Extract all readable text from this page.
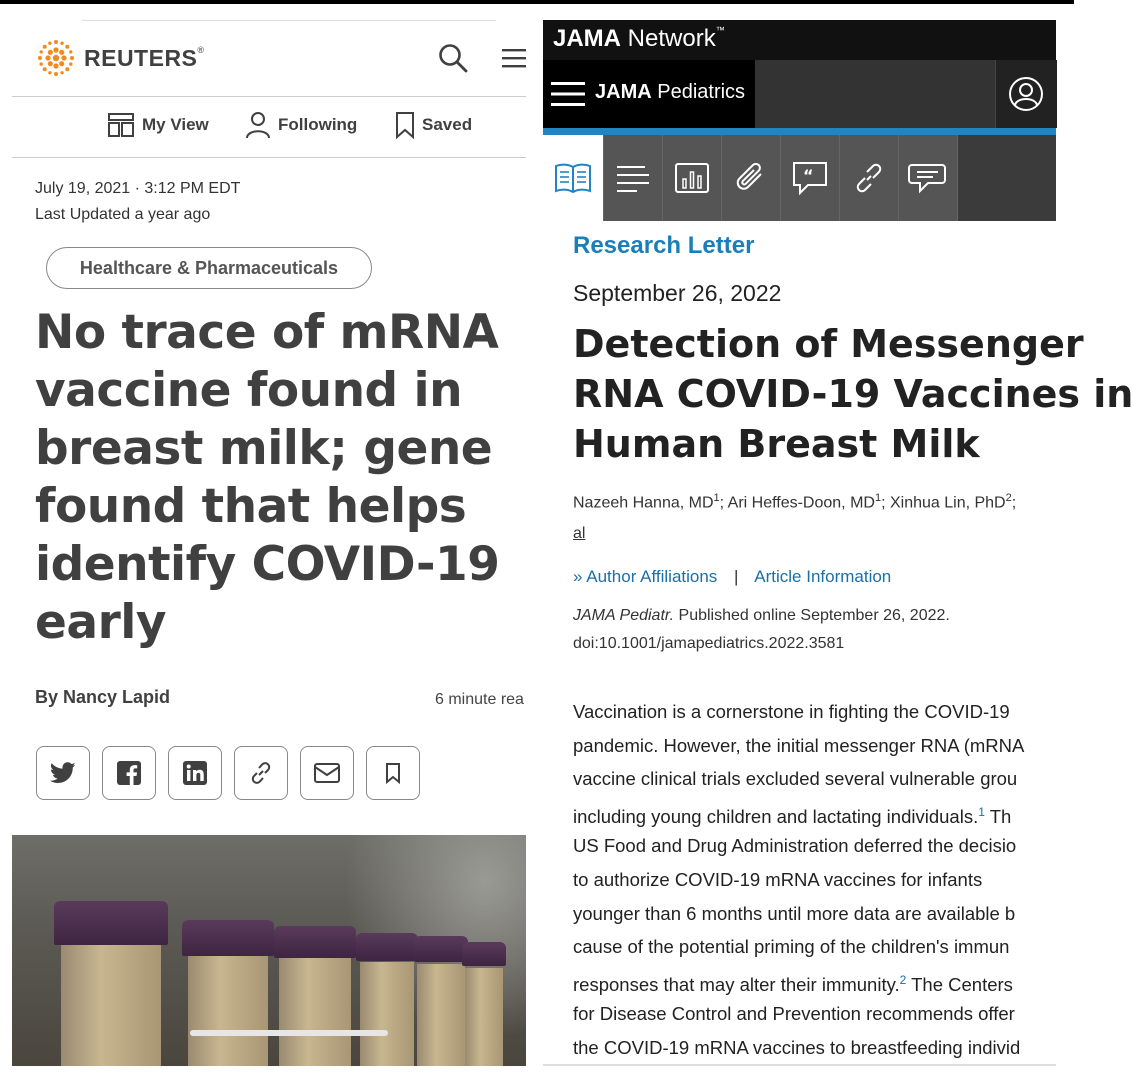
REUTERS®
My View	Following	Saved
July 19, 2021 · 3:12 PM EDT
Last Updated a year ago
Healthcare & Pharmaceuticals
No trace of mRNA
vaccine found in
breast milk; gene
found that helps
identify COVID-19
early
By Nancy Lapid	6 minute rea
JAMA Network™
JAMA Pediatrics
“
Research Letter
September 26, 2022
Detection of Messenger
RNA COVID-19 Vaccines in
Human Breast Milk
Nazeeh Hanna, $MD^1$; Ari Heffes-Doon, $MD^1$; Xinhua Lin, PhD$^2$;
al
» Author Affiliations | Article Information
JAMA Pediatr. Published online September 26, 2022.
doi:10.1001/jamapediatrics.2022.3581
Vaccination is a cornerstone in fighting the COVID-19
pandemic. However, the initial messenger RNA (mRNA
vaccine clinical trials excluded several vulnerable grou
including young children and lactating individuals.$^1$ Th
US Food and Drug Administration deferred the decisio
to authorize COVID-19 mRNA vaccines for infants
younger than 6 months until more data are available b
cause of the potential priming of the children's immun
responses that may alter their immunity.$^2$ The Centers
for Disease Control and Prevention recommends offer
the COVID-19 mRNA vaccines to breastfeeding individ
